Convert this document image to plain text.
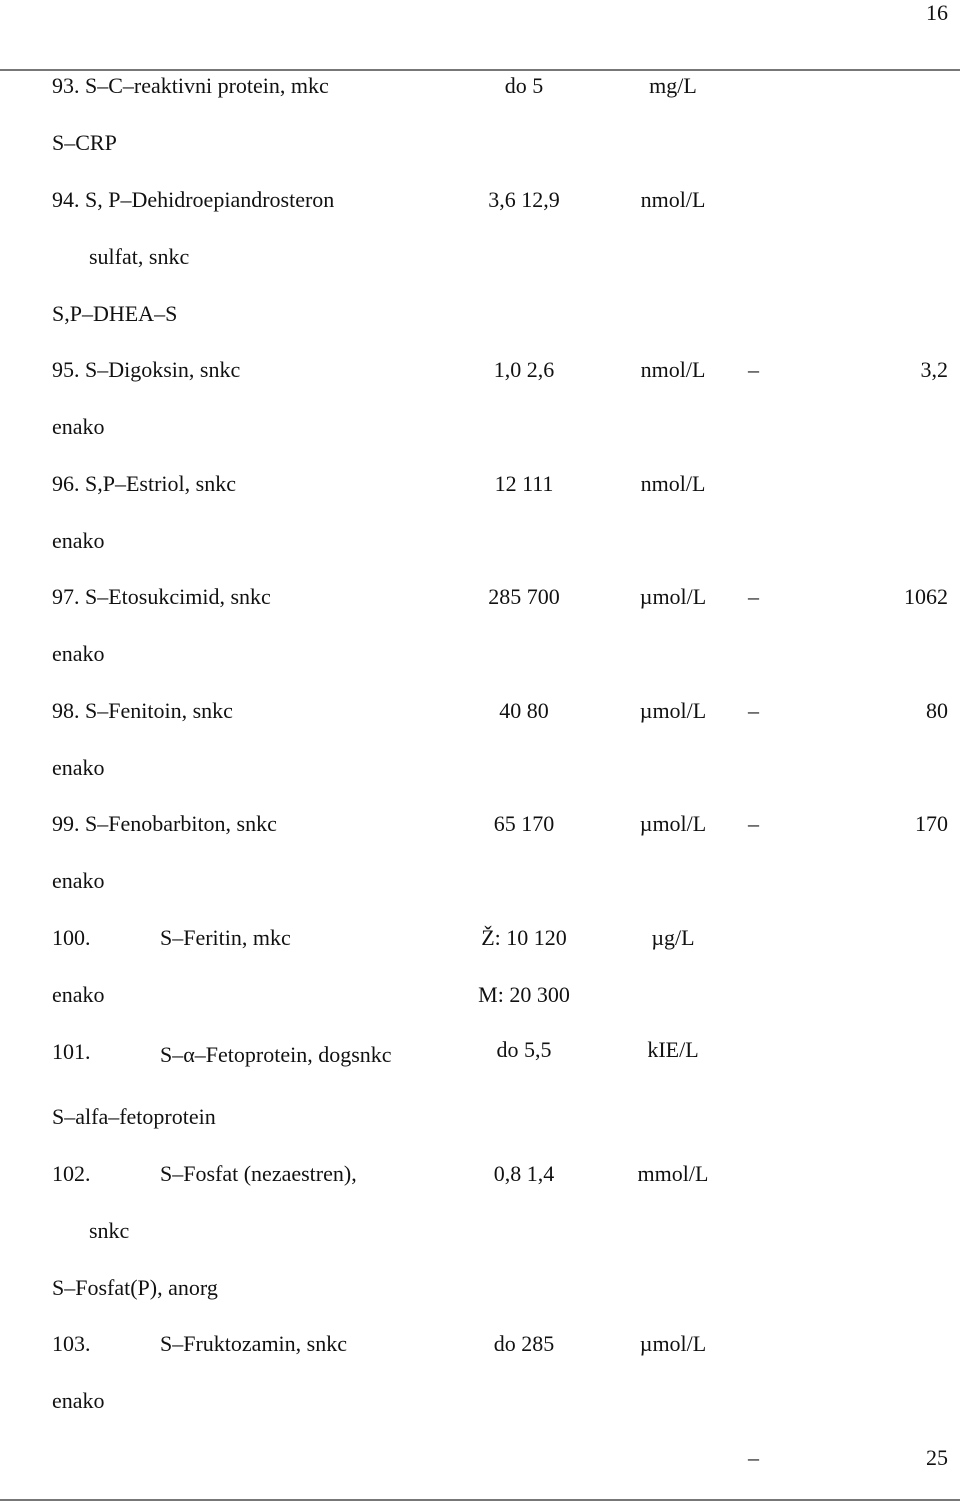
16
93. S–C–reaktivni protein, mkc	do 5	mg/L
S–CRP
94. S, P–Dehidroepiandrosteron	3,6 12,9	nmol/L
sulfat, snkc
S,P–DHEA–S
95. S–Digoksin, snkc	1,0 2,6	nmol/L –	3,2
enako
96. S,P–Estriol, snkc	12 111	nmol/L
enako
97. S–Etosukcimid, snkc	285 700	µmol/L –	1062
enako
98. S–Fenitoin, snkc	40 80	µmol/L –	80
enako
99. S–Fenobarbiton, snkc	65 170	µmol/L –	170
enako
100.	S–Feritin, mkc	Ž: 10 120	µg/L
enako	M: 20 300
101.	S–α–Fetoprotein, dogsnkc	do 5,5	kIE/L
S–alfa–fetoprotein
102.	S–Fosfat (nezaestren),	0,8 1,4	mmol/L
snkc
S–Fosfat(P), anorg
103.	S–Fruktozamin, snkc	do 285	µmol/L
enako
–	25
